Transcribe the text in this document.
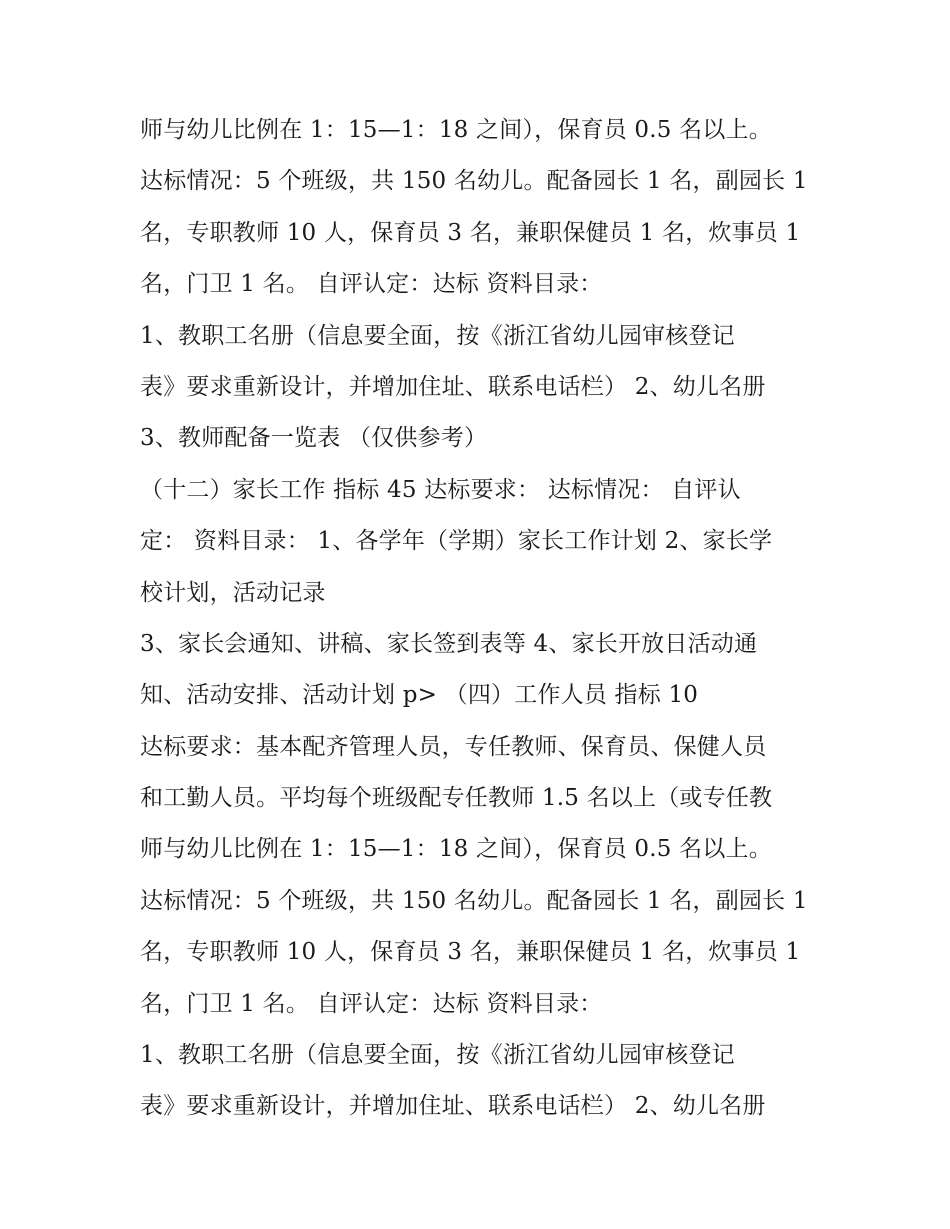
师与幼儿比例在 1：15—1：18 之间），保育员 0.5 名以上。
达标情况：5 个班级，共 150 名幼儿。配备园长 1 名，副园长 1
名，专职教师 10 人，保育员 3 名，兼职保健员 1 名，炊事员 1
名，门卫 1 名。 自评认定：达标 资料目录：
1、教职工名册（信息要全面，按《浙江省幼儿园审核登记
表》要求重新设计，并增加住址、联系电话栏） 2、幼儿名册
3、教师配备一览表 （仅供参考）
（十二）家长工作 指标 45 达标要求： 达标情况： 自评认
定： 资料目录： 1、各学年（学期）家长工作计划 2、家长学
校计划，活动记录
3、家长会通知、讲稿、家长签到表等 4、家长开放日活动通
知、活动安排、活动计划 p> （四）工作人员 指标 10
达标要求：基本配齐管理人员，专任教师、保育员、保健人员
和工勤人员。平均每个班级配专任教师 1.5 名以上（或专任教
师与幼儿比例在 1：15—1：18 之间），保育员 0.5 名以上。
达标情况：5 个班级，共 150 名幼儿。配备园长 1 名，副园长 1
名，专职教师 10 人，保育员 3 名，兼职保健员 1 名，炊事员 1
名，门卫 1 名。 自评认定：达标 资料目录：
1、教职工名册（信息要全面，按《浙江省幼儿园审核登记
表》要求重新设计，并增加住址、联系电话栏） 2、幼儿名册
